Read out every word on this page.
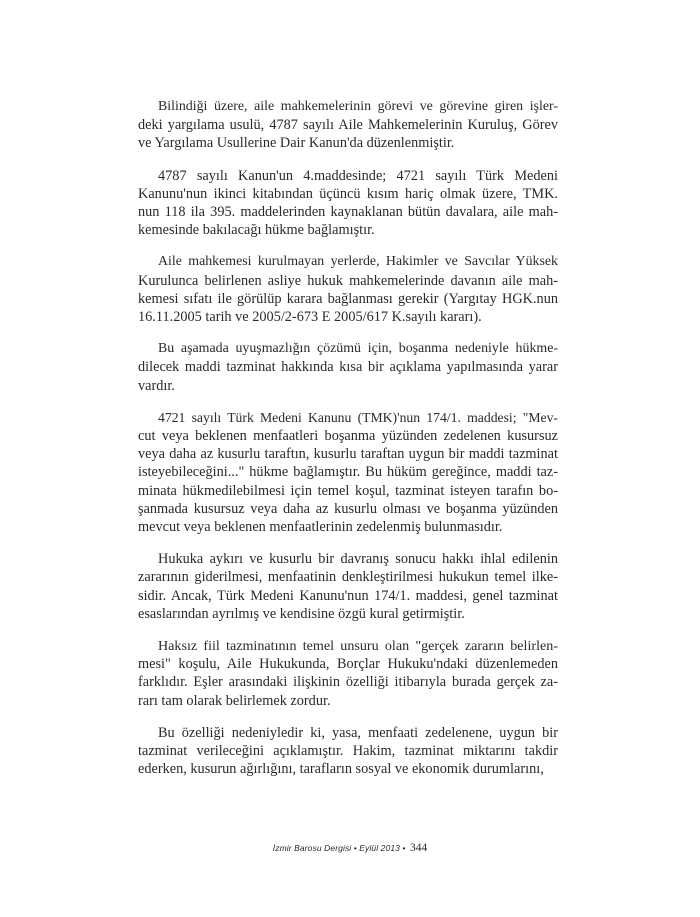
Bilindiği üzere, aile mahkemelerinin görevi ve görevine giren işler-
deki yargılama usulü, 4787 sayılı Aile Mahkemelerinin Kuruluş, Görev
ve Yargılama Usullerine Dair Kanun'da düzenlenmiştir.

4787 sayılı Kanun'un 4.maddesinde; 4721 sayılı Türk Medeni
Kanunu'nun ikinci kitabından üçüncü kısım hariç olmak üzere, TMK.
nun 118 ila 395. maddelerinden kaynaklanan bütün davalara, aile mah-
kemesinde bakılacağı hükme bağlamıştır.

Aile mahkemesi kurulmayan yerlerde, Hakimler ve Savcılar Yüksek
Kurulunca belirlenen asliye hukuk mahkemelerinde davanın aile mah-
kemesi sıfatı ile görülüp karara bağlanması gerekir (Yargıtay HGK.nun
16.11.2005 tarih ve 2005/2-673 E 2005/617 K.sayılı kararı).

Bu aşamada uyuşmazlığın çözümü için, boşanma nedeniyle hükme-
dilecek maddi tazminat hakkında kısa bir açıklama yapılmasında yarar
vardır.

4721 sayılı Türk Medeni Kanunu (TMK)'nun 174/1. maddesi; "Mev-
cut veya beklenen menfaatleri boşanma yüzünden zedelenen kusursuz
veya daha az kusurlu taraftın, kusurlu taraftan uygun bir maddi tazminat
isteyebileceğini..." hükme bağlamıştır. Bu hüküm gereğince, maddi taz-
minata hükmedilebilmesi için temel koşul, tazminat isteyen tarafın bo-
şanmada kusursuz veya daha az kusurlu olması ve boşanma yüzünden
mevcut veya beklenen menfaatlerinin zedelenmiş bulunmasıdır.

Hukuka aykırı ve kusurlu bir davranış sonucu hakkı ihlal edilenin
zararının giderilmesi, menfaatinin denkleştirilmesi hukukun temel ilke-
sidir. Ancak, Türk Medeni Kanunu'nun 174/1. maddesi, genel tazminat
esaslarından ayrılmış ve kendisine özgü kural getirmiştir.

Haksız fiil tazminatının temel unsuru olan "gerçek zararın belirlen-
mesi" koşulu, Aile Hukukunda, Borçlar Hukuku'ndaki düzenlemeden
farklıdır. Eşler arasındaki ilişkinin özelliği itibarıyla burada gerçek za-
rarı tam olarak belirlemek zordur.

Bu özelliği nedeniyledir ki, yasa, menfaati zedelenene, uygun bir
tazminat verileceğini açıklamıştır. Hakim, tazminat miktarını takdir
ederken, kusurun ağırlığını, tarafların sosyal ve ekonomik durumlarını,

İzmir Barosu Dergisi • Eylül 2013 • 344
